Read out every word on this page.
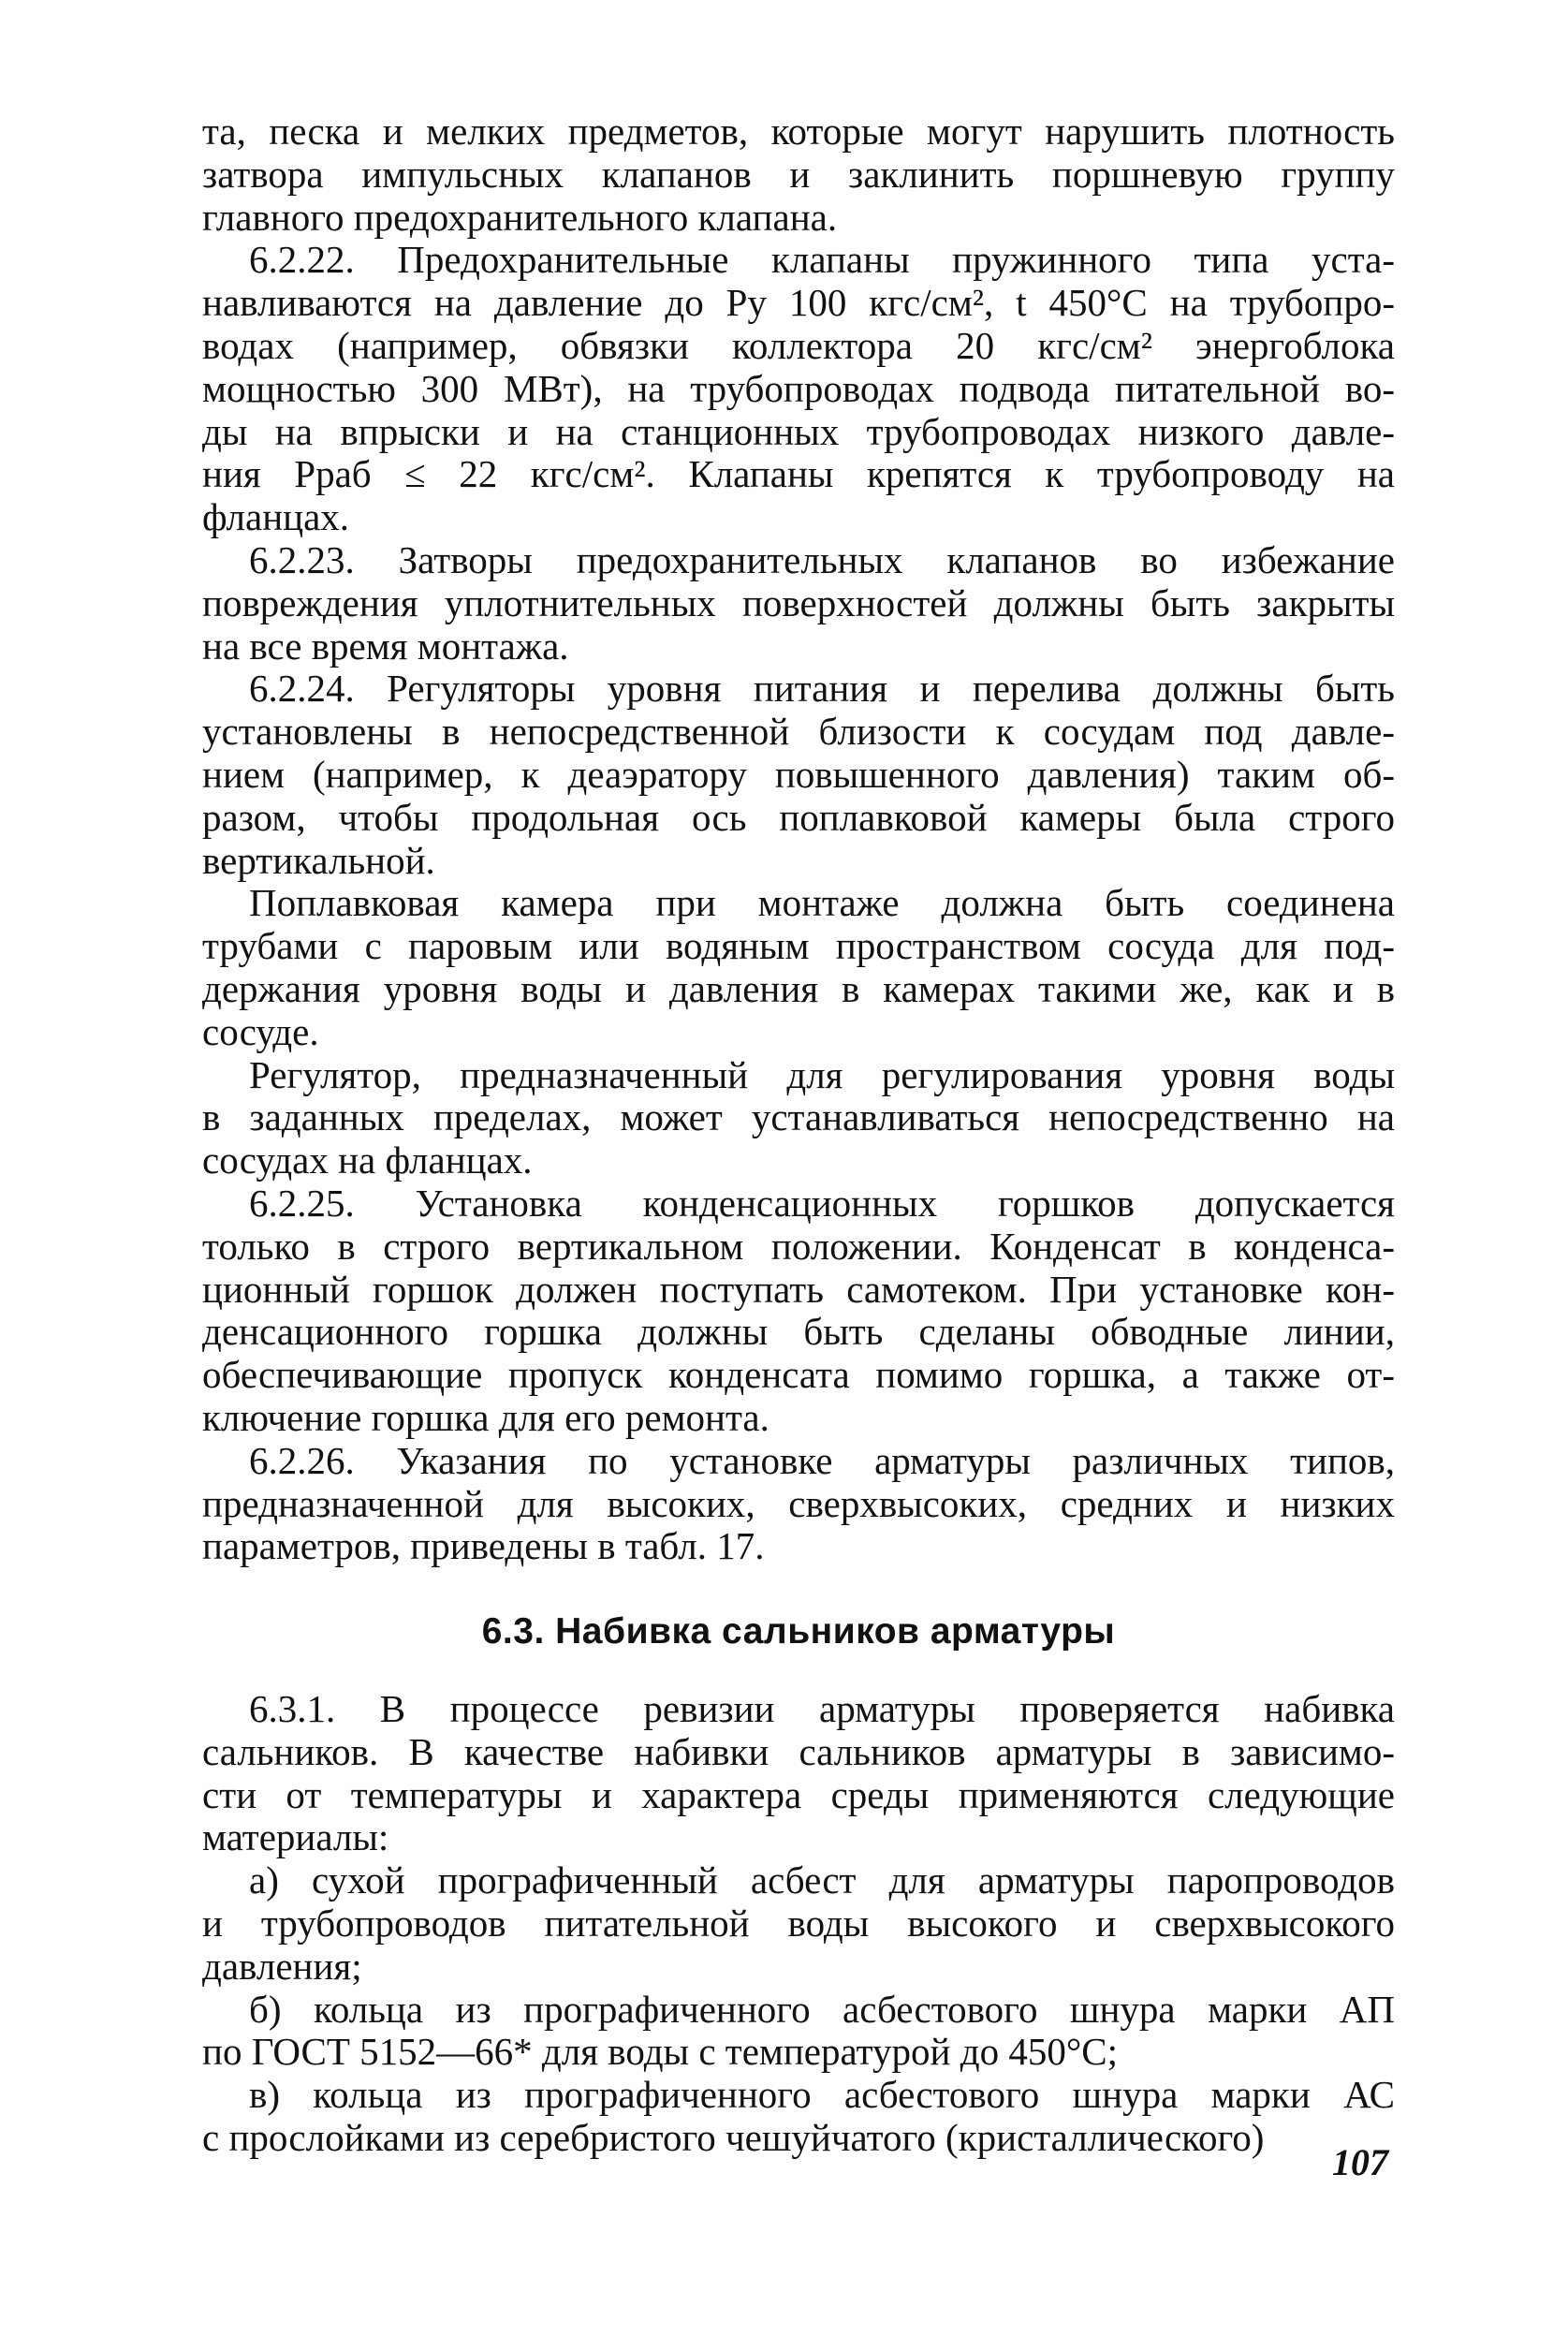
та, песка и мелких предметов, которые могут нарушить плотность
затвора импульсных клапанов и заклинить поршневую группу
главного предохранительного клапана.
6.2.22. Предохранительные клапаны пружинного типа уста-
навливаются на давление до Pу 100 кгс/см², t 450°С на трубопро-
водах (например, обвязки коллектора 20 кгс/см² энергоблока
мощностью 300 МВт), на трубопроводах подвода питательной во-
ды на впрыски и на станционных трубопроводах низкого давле-
ния Pраб ≤ 22 кгс/см². Клапаны крепятся к трубопроводу на
фланцах.
6.2.23. Затворы предохранительных клапанов во избежание
повреждения уплотнительных поверхностей должны быть закрыты
на все время монтажа.
6.2.24. Регуляторы уровня питания и перелива должны быть
установлены в непосредственной близости к сосудам под давле-
нием (например, к деаэратору повышенного давления) таким об-
разом, чтобы продольная ось поплавковой камеры была строго
вертикальной.
Поплавковая камера при монтаже должна быть соединена
трубами с паровым или водяным пространством сосуда для под-
держания уровня воды и давления в камерах такими же, как и в
сосуде.
Регулятор, предназначенный для регулирования уровня воды
в заданных пределах, может устанавливаться непосредственно на
сосудах на фланцах.
6.2.25. Установка конденсационных горшков допускается
только в строго вертикальном положении. Конденсат в конденса-
ционный горшок должен поступать самотеком. При установке кон-
денсационного горшка должны быть сделаны обводные линии,
обеспечивающие пропуск конденсата помимо горшка, а также от-
ключение горшка для его ремонта.
6.2.26. Указания по установке арматуры различных типов,
предназначенной для высоких, сверхвысоких, средних и низких
параметров, приведены в табл. 17.
6.3. Набивка сальников арматуры
6.3.1. В процессе ревизии арматуры проверяется набивка
сальников. В качестве набивки сальников арматуры в зависимо-
сти от температуры и характера среды применяются следующие
материалы:
а) сухой прографиченный асбест для арматуры паропроводов
и трубопроводов питательной воды высокого и сверхвысокого
давления;
б) кольца из прографиченного асбестового шнура марки АП
по ГОСТ 5152—66* для воды с температурой до 450°С;
в) кольца из прографиченного асбестового шнура марки АС
с прослойками из серебристого чешуйчатого (кристаллического)
107
